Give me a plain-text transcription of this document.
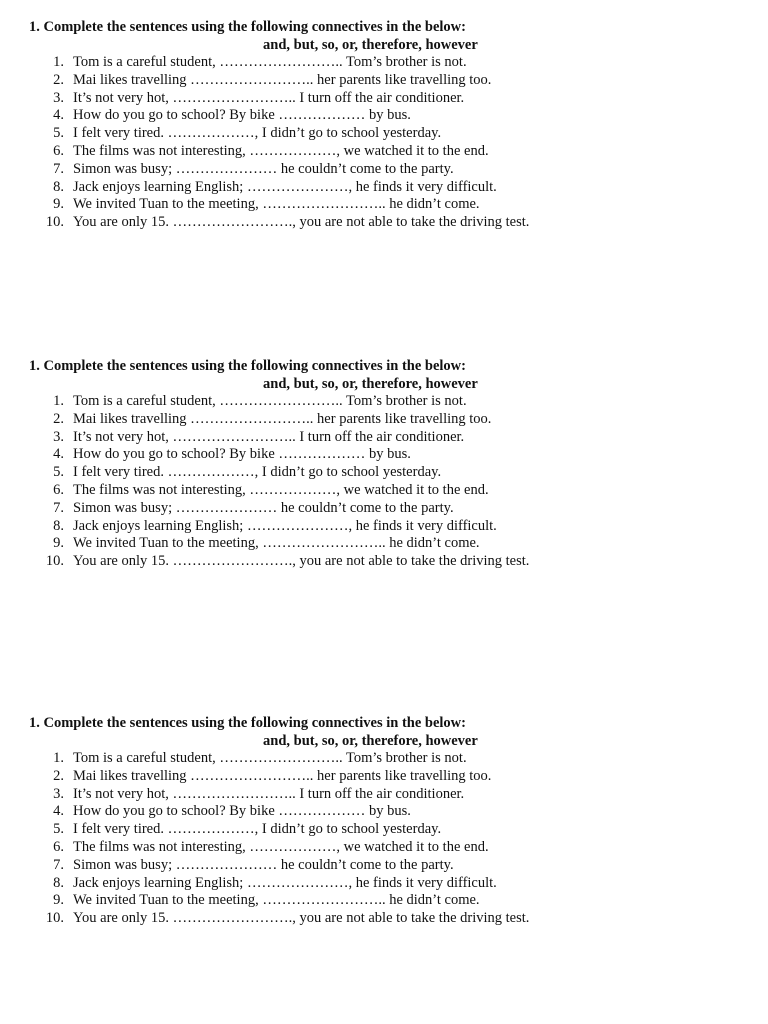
1. Complete the sentences using the following connectives in the below:

and, but, so, or, therefore, however

1. Tom is a careful student, …………………….. Tom’s brother is not.
2. Mai likes travelling …………………….. her parents like travelling too.
3. It’s not very hot, …………………….. I turn off the air conditioner.
4. How do you go to school? By bike ……………… by bus.
5. I felt very tired. ………………, I didn’t go to school yesterday.
6. The films was not interesting, ………………, we watched it to the end.
7. Simon was busy; ………………… he couldn’t come to the party.
8. Jack enjoys learning English; …………………, he finds it very difficult.
9. We invited Tuan to the meeting, …………………….. he didn’t come.
10. You are only 15. ……………………., you are not able to take the driving test.
1. Complete the sentences using the following connectives in the below:

and, but, so, or, therefore, however

1. Tom is a careful student, …………………….. Tom’s brother is not.
2. Mai likes travelling …………………….. her parents like travelling too.
3. It’s not very hot, …………………….. I turn off the air conditioner.
4. How do you go to school? By bike ……………… by bus.
5. I felt very tired. ………………, I didn’t go to school yesterday.
6. The films was not interesting, ………………, we watched it to the end.
7. Simon was busy; ………………… he couldn’t come to the party.
8. Jack enjoys learning English; …………………, he finds it very difficult.
9. We invited Tuan to the meeting, …………………….. he didn’t come.
10. You are only 15. ……………………., you are not able to take the driving test.
1. Complete the sentences using the following connectives in the below:

and, but, so, or, therefore, however

1. Tom is a careful student, …………………….. Tom’s brother is not.
2. Mai likes travelling …………………….. her parents like travelling too.
3. It’s not very hot, …………………….. I turn off the air conditioner.
4. How do you go to school? By bike ……………… by bus.
5. I felt very tired. ………………, I didn’t go to school yesterday.
6. The films was not interesting, ………………, we watched it to the end.
7. Simon was busy; ………………… he couldn’t come to the party.
8. Jack enjoys learning English; …………………, he finds it very difficult.
9. We invited Tuan to the meeting, …………………….. he didn’t come.
10. You are only 15. ……………………., you are not able to take the driving test.
